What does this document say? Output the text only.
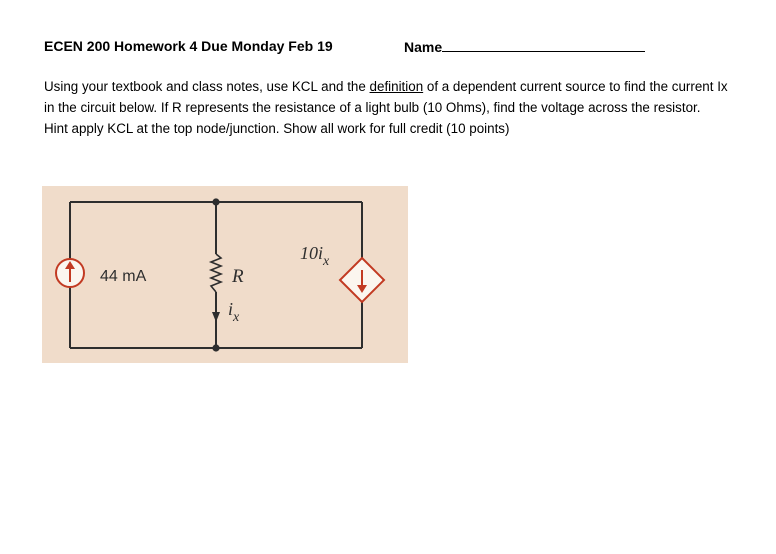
ECEN 200 Homework 4 Due Monday Feb 19	Name
Using your textbook and class notes, use KCL and the definition of a dependent current source to find the current Ix
in the circuit below. If R represents the resistance of a light bulb (10 Ohms), find the voltage across the resistor.
Hint apply KCL at the top node/junction. Show all work for full credit (10 points)
44 mA	R
$i_x$
$10i_x$
